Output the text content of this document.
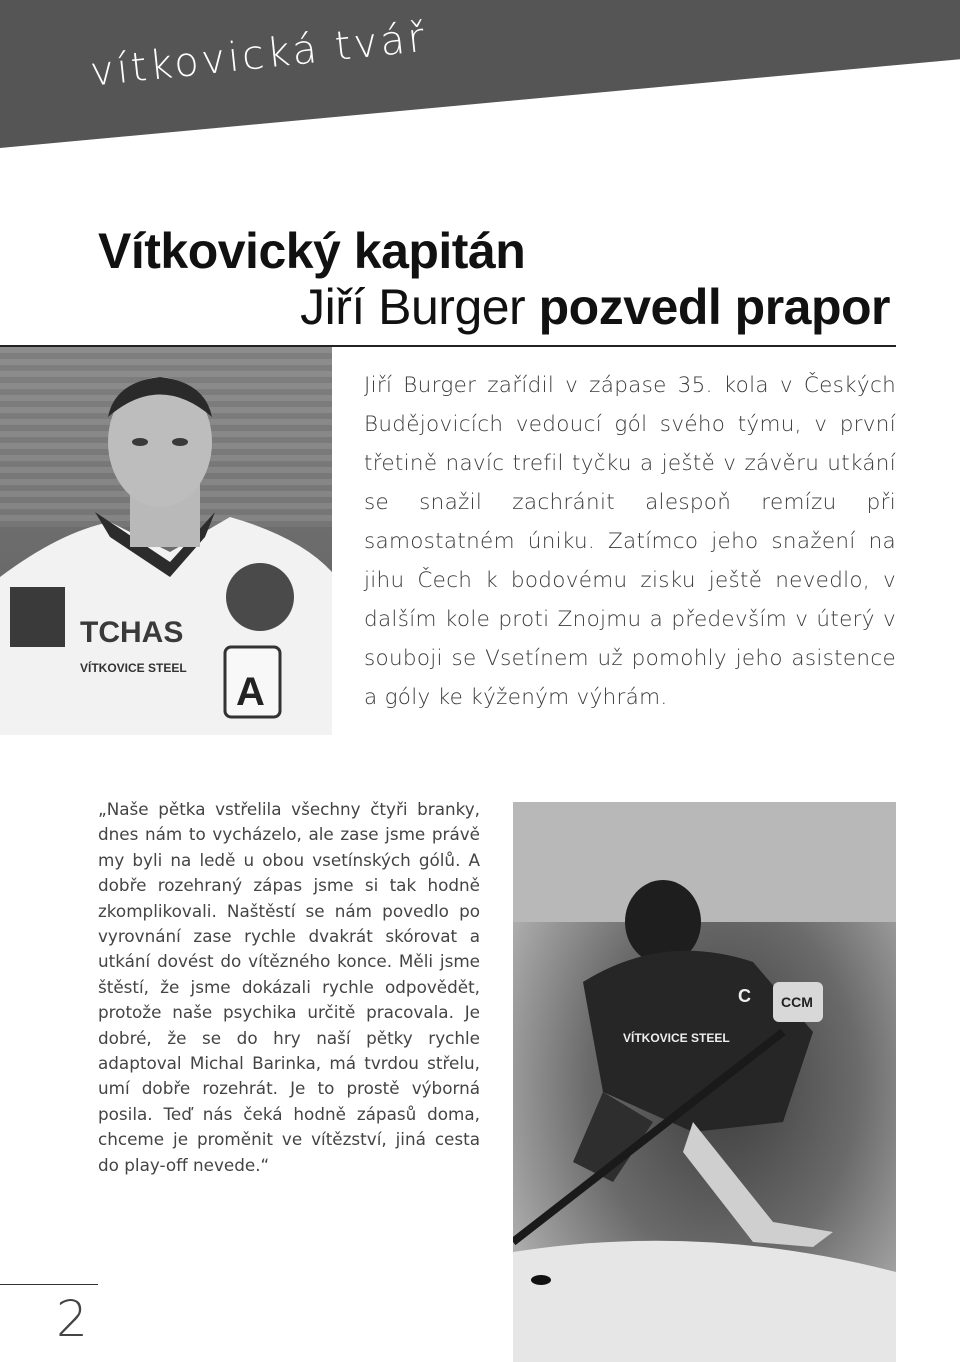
vítkovická tvář
Vítkovický kapitán
Jiří Burger pozvedl prapor
TCHAS
A
VÍTKOVICE STEEL
Jiří Burger zařídil v zápase 35. kola v Českých Budějovicích vedoucí gól svého týmu, v první třetině navíc trefil tyčku a ještě v závěru utkání se snažil zachránit alespoň remízu při samostatném úniku. Zatímco jeho snažení na jihu Čech k bodovému zisku ještě nevedlo, v dalším kole proti Znojmu a především v úterý v souboji se Vsetínem už pomohly jeho asistence a góly ke kýženým výhrám.
„Naše pětka vstřelila všechny čtyři branky, dnes nám to vycházelo, ale zase jsme právě my byli na ledě u obou vsetínských gólů. A dobře rozehraný zápas jsme si tak hodně zkomplikovali. Naštěstí se nám povedlo po vyrovnání zase rychle dvakrát skórovat a utkání dovést do vítězného konce. Měli jsme štěstí, že jsme dokázali rychle odpovědět, protože naše psychika určitě pracovala. Je dobré, že se do hry naší pětky rychle adaptoval Michal Barinka, má tvrdou střelu, umí dobře rozehrát. Je to prostě výborná posila. Teď nás čeká hodně zápasů doma, chceme je proměnit ve vítězství, jiná cesta do play-off nevede.“
VÍTKOVICE STEEL
CCM
C
2
